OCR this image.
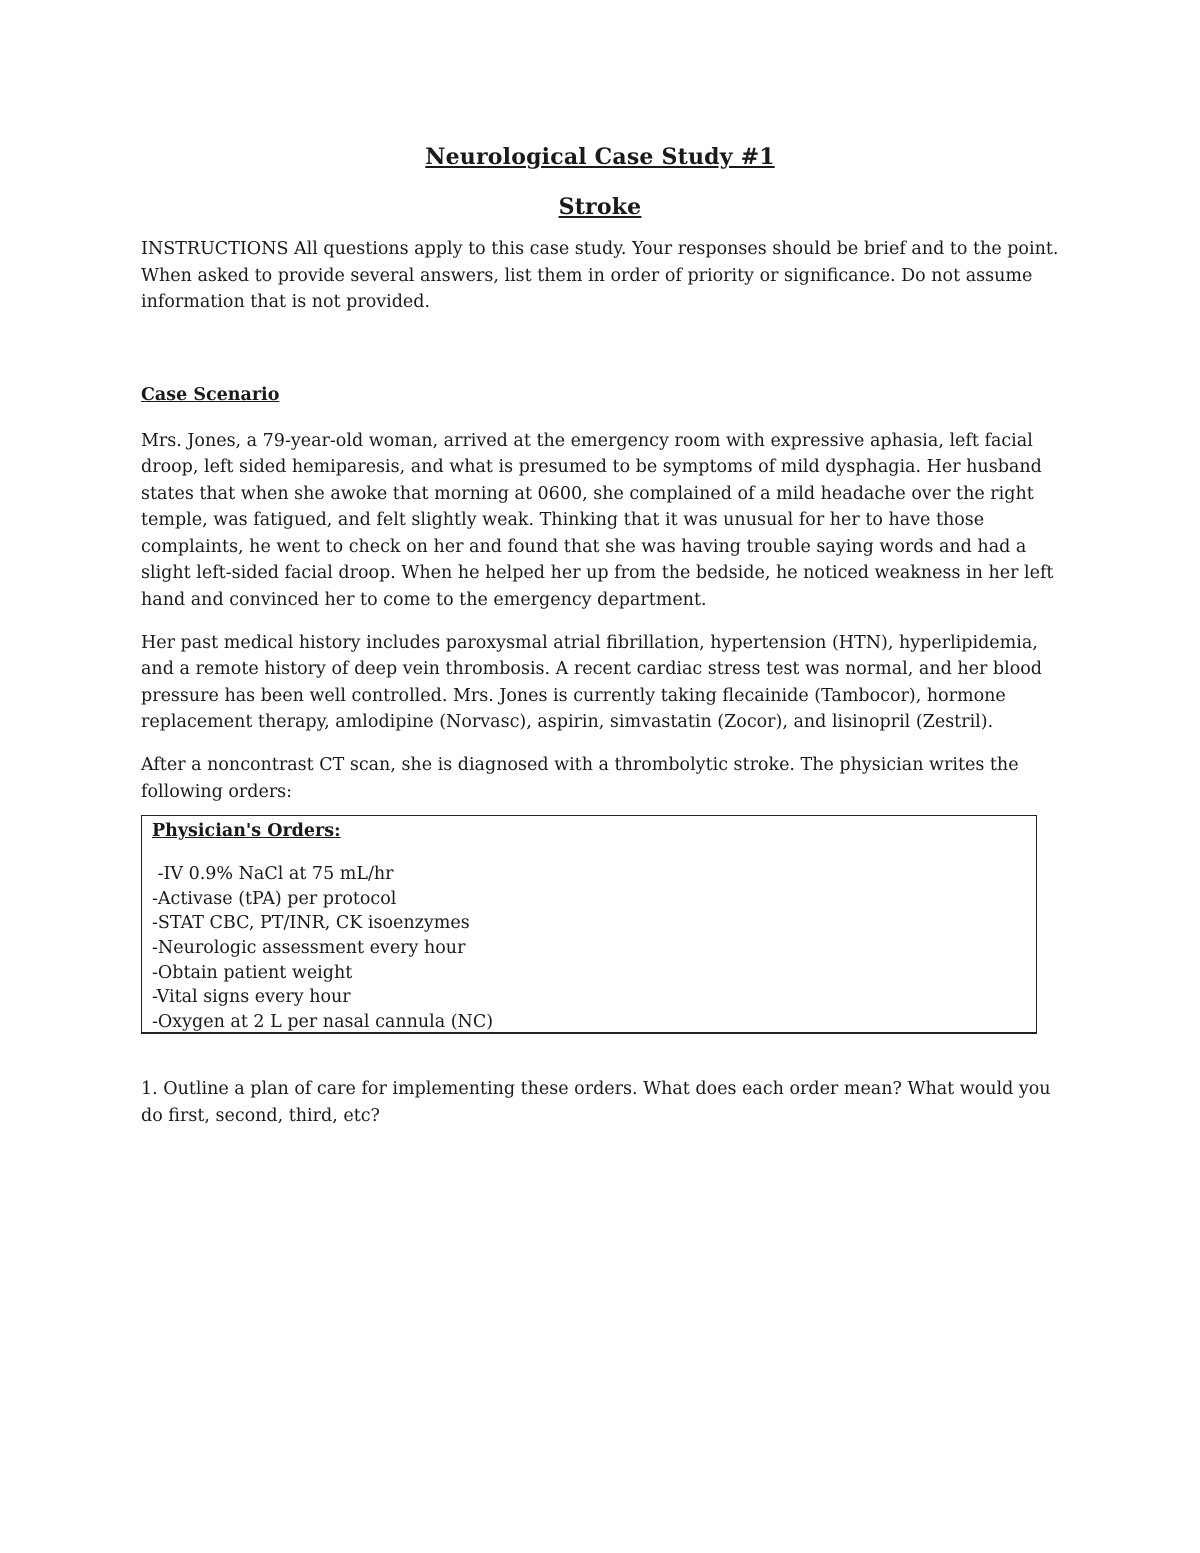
Neurological Case Study #1
Stroke

INSTRUCTIONS All questions apply to this case study. Your responses should be brief and to the point. When asked to provide several answers, list them in order of priority or significance. Do not assume information that is not provided.

Case Scenario

Mrs. Jones, a 79-year-old woman, arrived at the emergency room with expressive aphasia, left facial droop, left sided hemiparesis, and what is presumed to be symptoms of mild dysphagia. Her husband states that when she awoke that morning at 0600, she complained of a mild headache over the right temple, was fatigued, and felt slightly weak. Thinking that it was unusual for her to have those complaints, he went to check on her and found that she was having trouble saying words and had a slight left-sided facial droop. When he helped her up from the bedside, he noticed weakness in her left hand and convinced her to come to the emergency department.

Her past medical history includes paroxysmal atrial fibrillation, hypertension (HTN), hyperlipidemia, and a remote history of deep vein thrombosis. A recent cardiac stress test was normal, and her blood pressure has been well controlled. Mrs. Jones is currently taking flecainide (Tambocor), hormone replacement therapy, amlodipine (Norvasc), aspirin, simvastatin (Zocor), and lisinopril (Zestril).

After a noncontrast CT scan, she is diagnosed with a thrombolytic stroke. The physician writes the following orders:

Physician's Orders:

-IV 0.9% NaCl at 75 mL/hr

-Activase (tPA) per protocol

-STAT CBC, PT/INR, CK isoenzymes

-Neurologic assessment every hour

-Obtain patient weight

-Vital signs every hour

-Oxygen at 2 L per nasal cannula (NC)

1. Outline a plan of care for implementing these orders. What does each order mean? What would you do first, second, third, etc?
